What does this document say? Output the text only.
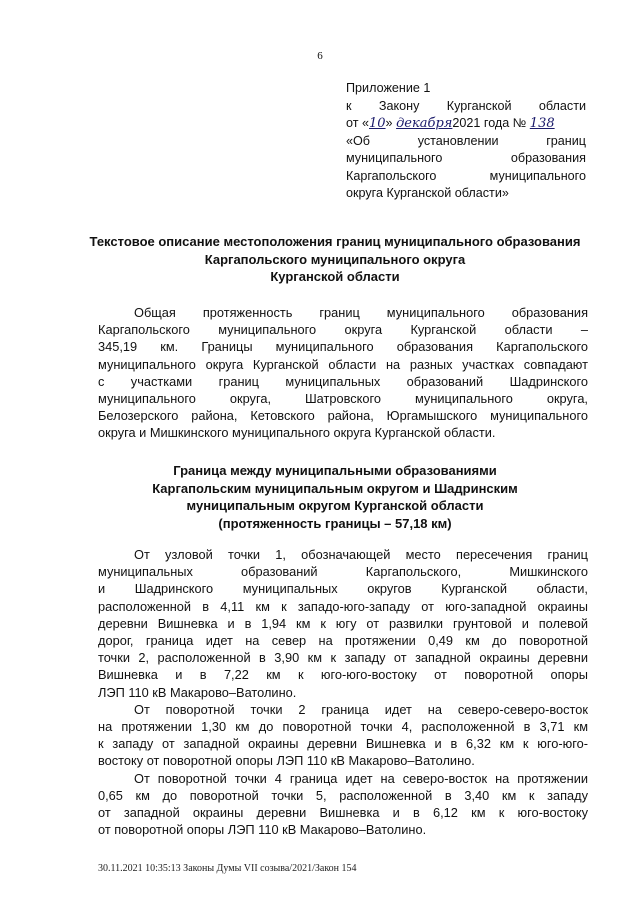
6
Приложение 1
к Закону Курганской области
от «10» декабря2021 года № 138
«Об установлении границ
муниципального образования
Каргапольского муниципального
округа Курганской области»
Текстовое описание местоположения границ муниципального образования
Каргапольского муниципального округа
Курганской области
Общая протяженность границ муниципального образования
Каргапольского муниципального округа Курганской области –
345,19 км. Границы муниципального образования Каргапольского
муниципального округа Курганской области на разных участках совпадают
с участками границ муниципальных образований Шадринского
муниципального округа, Шатровского муниципального округа,
Белозерского района, Кетовского района, Юргамышского муниципального
округа и Мишкинского муниципального округа Курганской области.
Граница между муниципальными образованиями
Каргапольским муниципальным округом и Шадринским
муниципальным округом Курганской области
(протяженность границы – 57,18 км)
От узловой точки 1, обозначающей место пересечения границ
муниципальных образований Каргапольского, Мишкинского
и Шадринского муниципальных округов Курганской области,
расположенной в 4,11 км к западо-юго-западу от юго-западной окраины
деревни Вишневка и в 1,94 км к югу от развилки грунтовой и полевой
дорог, граница идет на север на протяжении 0,49 км до поворотной
точки 2, расположенной в 3,90 км к западу от западной окраины деревни
Вишневка и в 7,22 км к юго-юго-востоку от поворотной опоры
ЛЭП 110 кВ Макарово–Ватолино.
От поворотной точки 2 граница идет на северо-северо-восток
на протяжении 1,30 км до поворотной точки 4, расположенной в 3,71 км
к западу от западной окраины деревни Вишневка и в 6,32 км к юго-юго-
востоку от поворотной опоры ЛЭП 110 кВ Макарово–Ватолино.
От поворотной точки 4 граница идет на северо-восток на протяжении
0,65 км до поворотной точки 5, расположенной в 3,40 км к западу
от западной окраины деревни Вишневка и в 6,12 км к юго-востоку
от поворотной опоры ЛЭП 110 кВ Макарово–Ватолино.
30.11.2021 10:35:13 Законы Думы VII созыва/2021/Закон 154
